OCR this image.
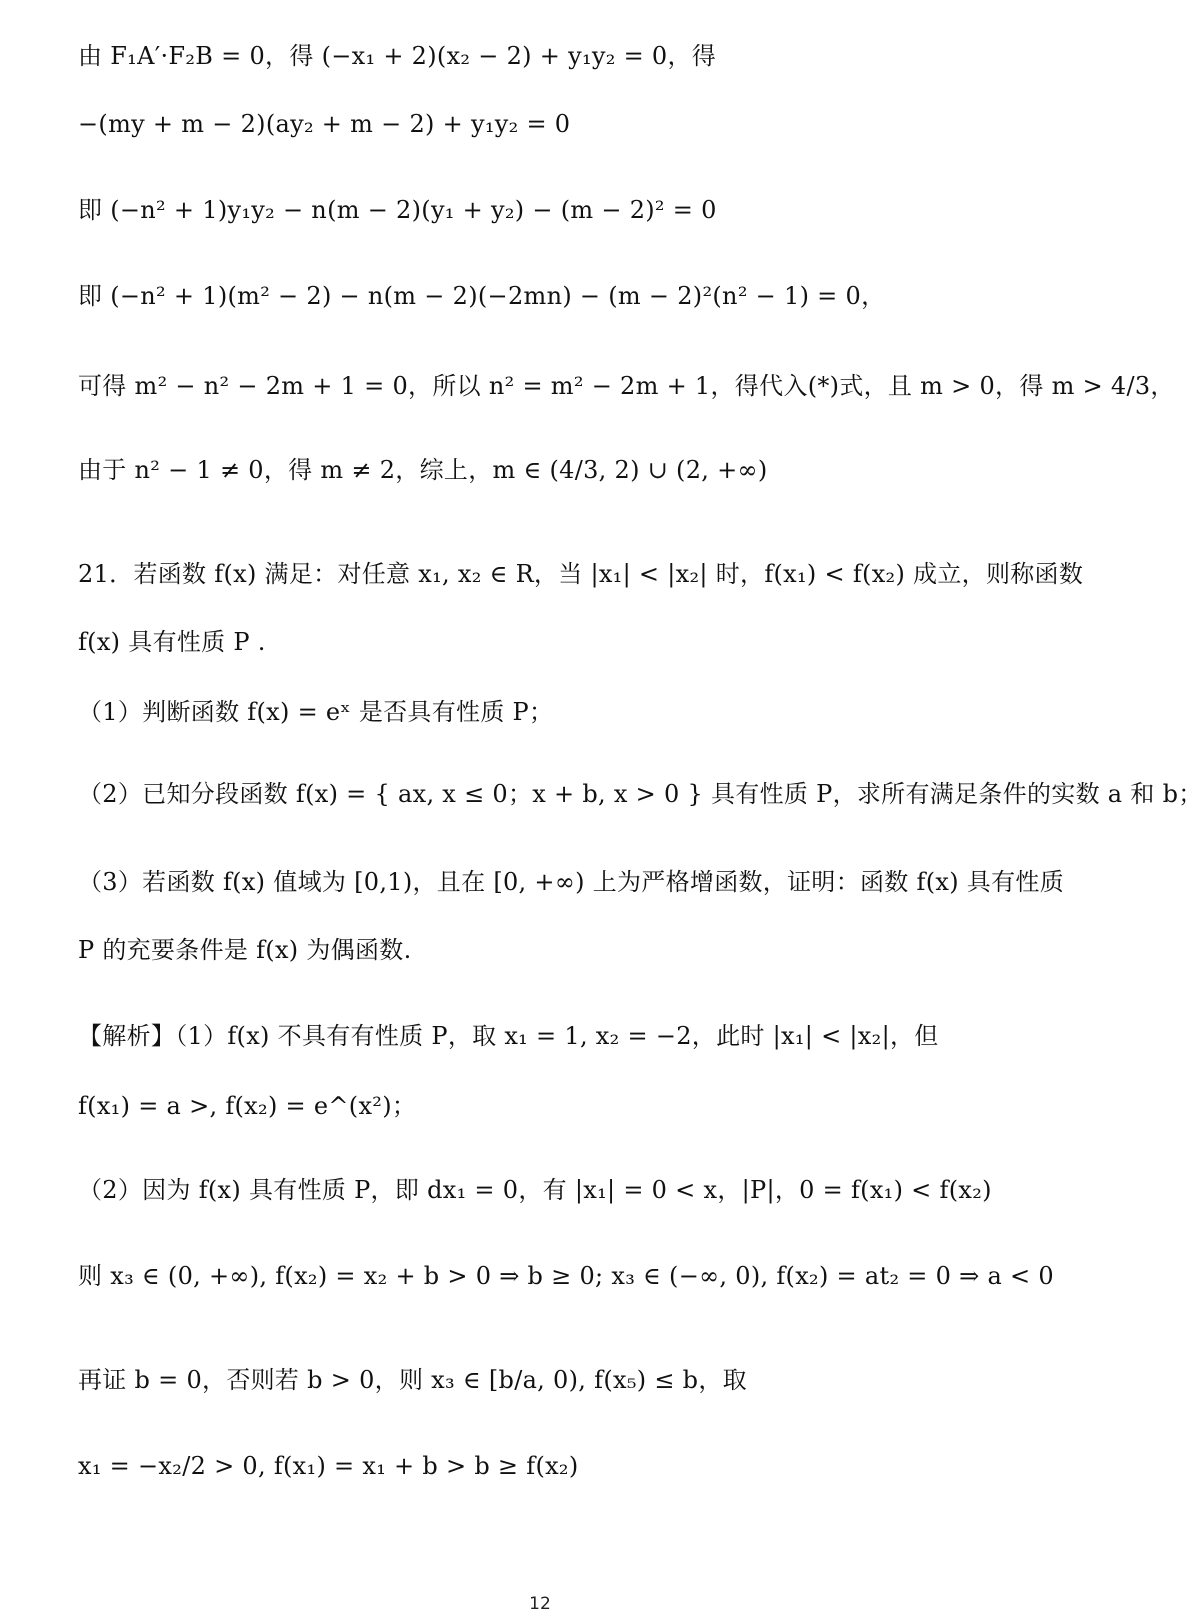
由 F₁A′·F₂B = 0，得 (−x₁ + 2)(x₂ − 2) + y₁y₂ = 0，得
−(my + m − 2)(ay₂ + m − 2) + y₁y₂ = 0
即 (−n² + 1)y₁y₂ − n(m − 2)(y₁ + y₂) − (m − 2)² = 0
即 (−n² + 1)(m² − 2) − n(m − 2)(−2mn) − (m − 2)²(n² − 1) = 0，
可得 m² − n² − 2m + 1 = 0，所以 n² = m² − 2m + 1，得代入(*)式，且 m > 0，得 m > 4/3，
由于 n² − 1 ≠ 0，得 m ≠ 2，综上，m ∈ (4/3, 2) ∪ (2, +∞)
21．若函数 f(x) 满足：对任意 x₁, x₂ ∈ R，当 |x₁| < |x₂| 时，f(x₁) < f(x₂) 成立，则称函数
f(x) 具有性质 P .
（1）判断函数 f(x) = eˣ 是否具有性质 P；
（2）已知分段函数 f(x) = { ax, x ≤ 0；x + b, x > 0 } 具有性质 P，求所有满足条件的实数 a 和 b；
（3）若函数 f(x) 值域为 [0,1)，且在 [0, +∞) 上为严格增函数，证明：函数 f(x) 具有性质
P 的充要条件是 f(x) 为偶函数.
【解析】（1）f(x) 不具有有性质 P，取 x₁ = 1, x₂ = −2，此时 |x₁| < |x₂|，但
f(x₁) = a >, f(x₂) = e^(x²)；
（2）因为 f(x) 具有性质 P，即 dx₁ = 0，有 |x₁| = 0 < x，|P|，0 = f(x₁) < f(x₂)
则 x₃ ∈ (0, +∞), f(x₂) = x₂ + b > 0 ⇒ b ≥ 0; x₃ ∈ (−∞, 0), f(x₂) = at₂ = 0 ⇒ a < 0
再证 b = 0，否则若 b > 0，则 x₃ ∈ [b/a, 0), f(x₅) ≤ b，取
x₁ = −x₂/2 > 0, f(x₁) = x₁ + b > b ≥ f(x₂)
12
